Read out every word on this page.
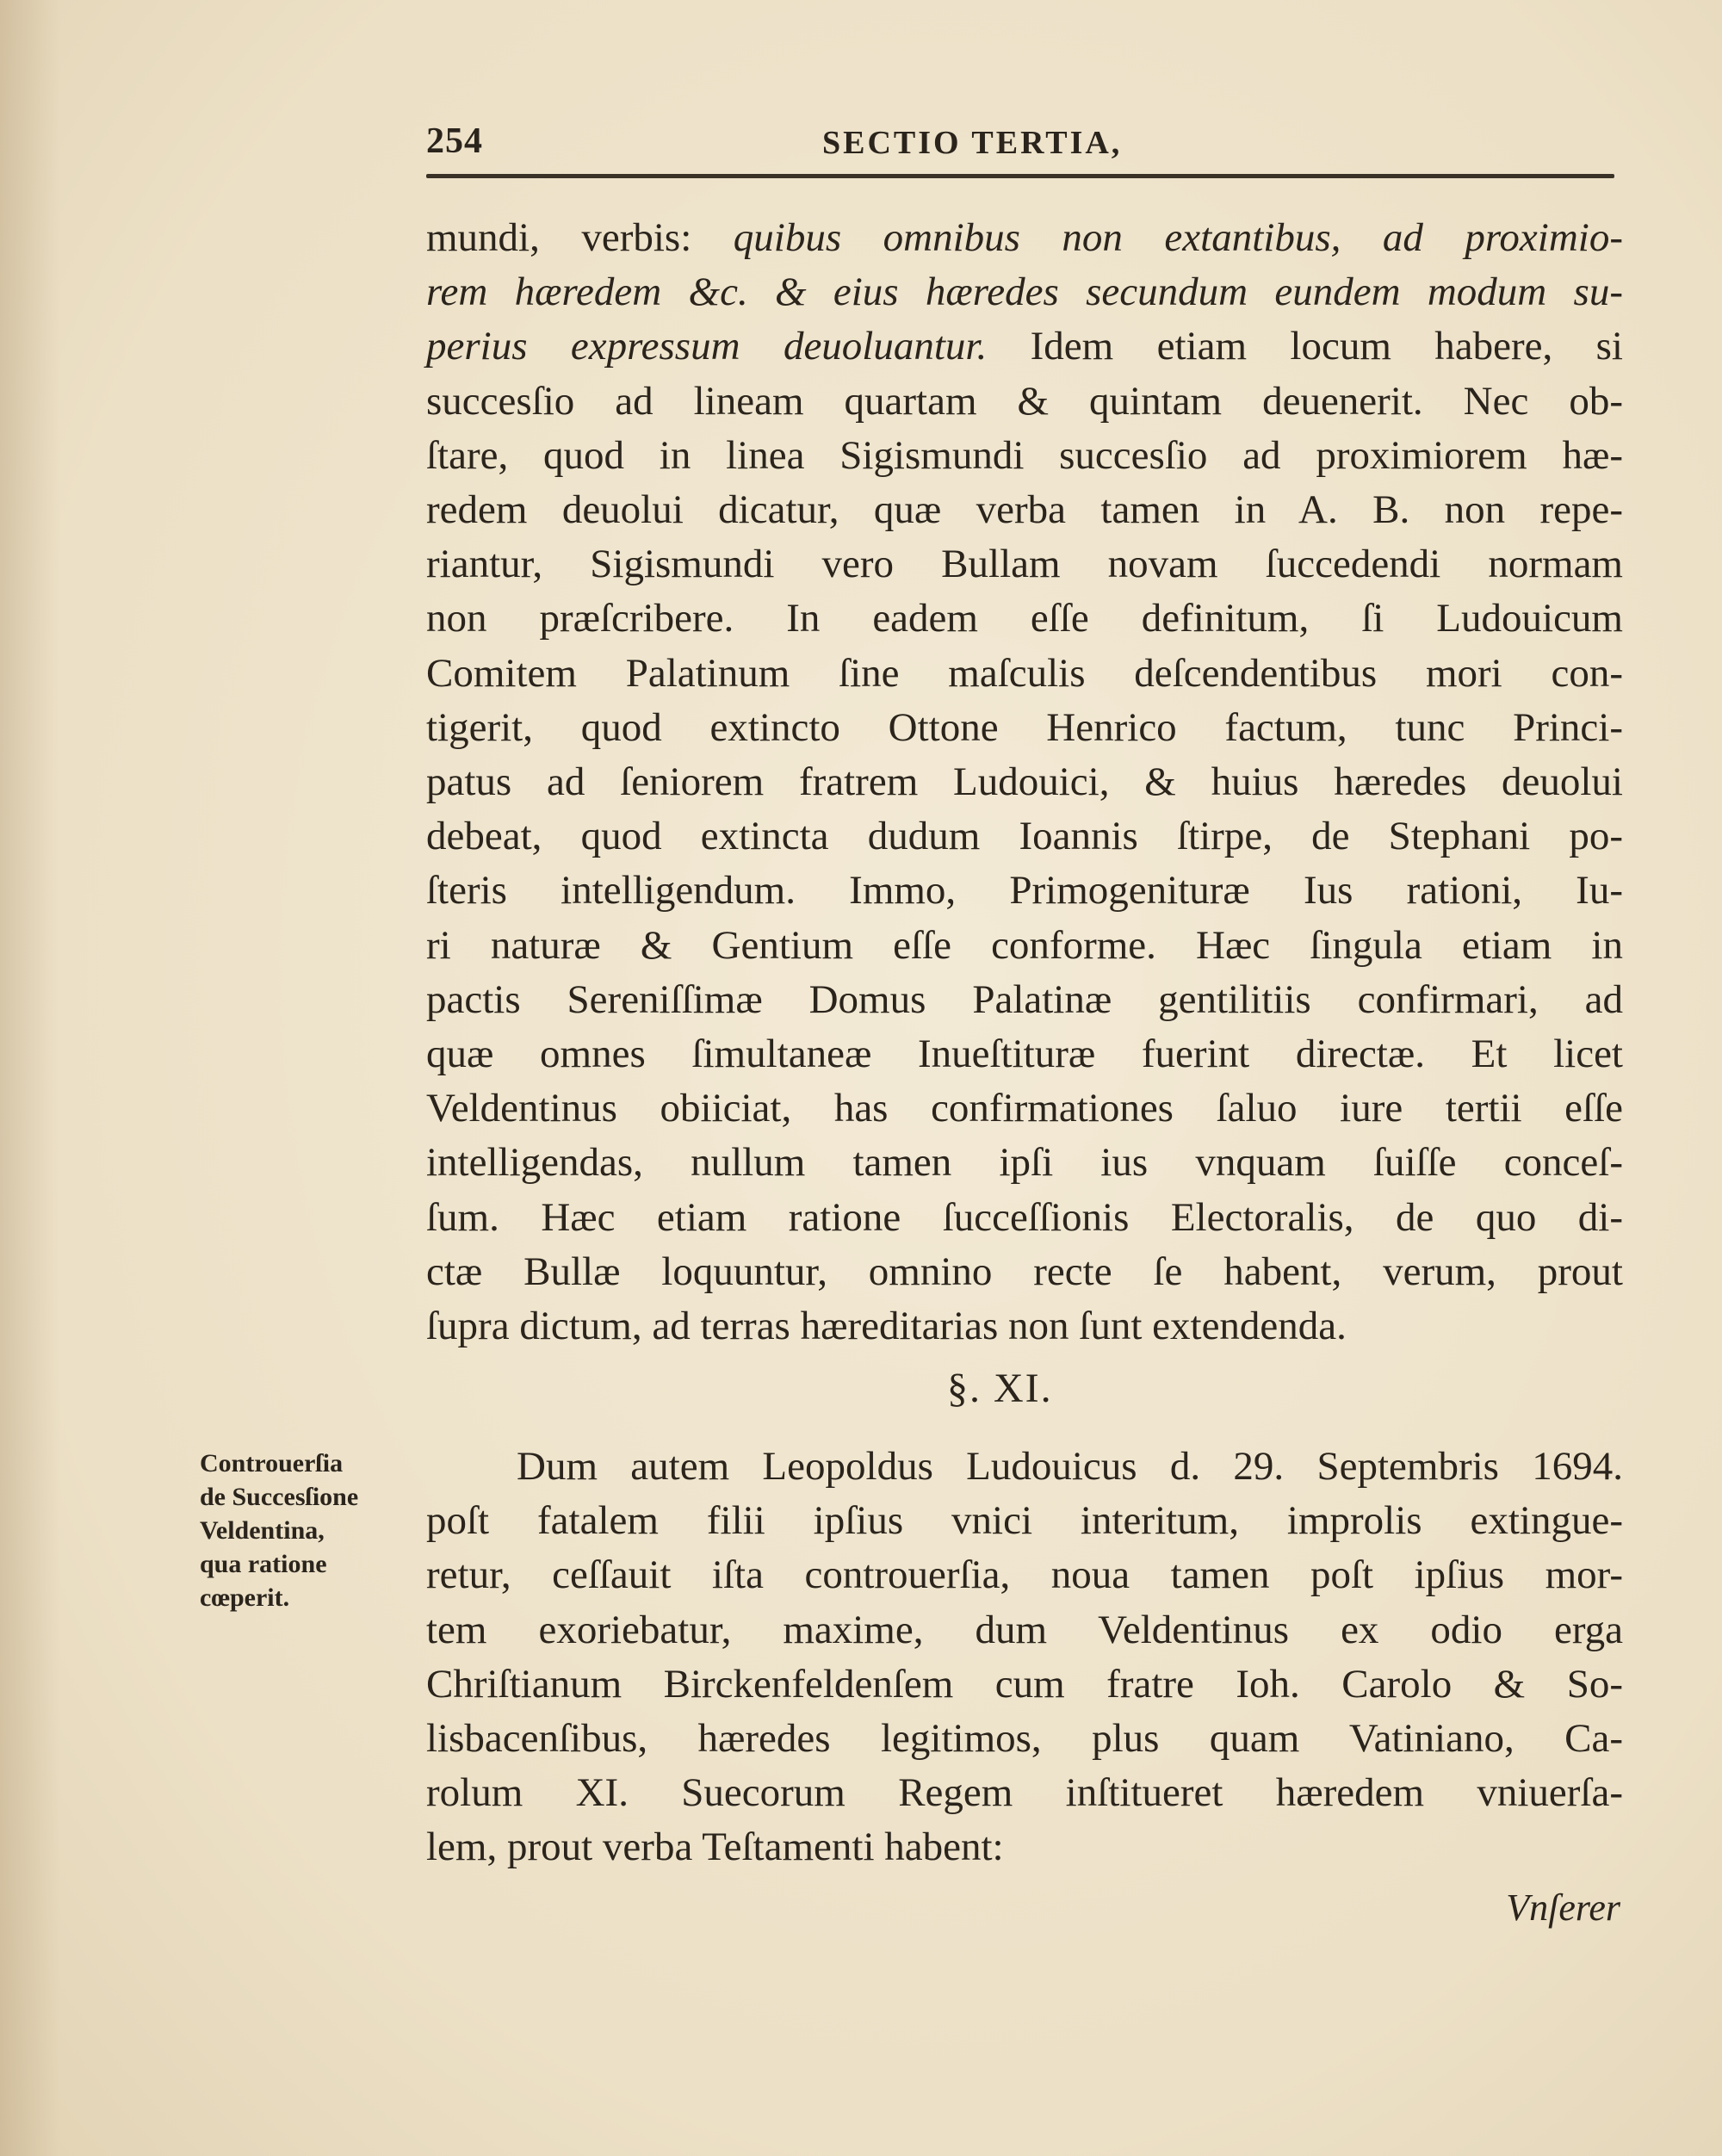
254	SECTIO TERTIA,
mundi, verbis: quibus omnibus non extantibus, ad proximio-
rem hæredem &c. & eius hæredes secundum eundem modum su-
perius expressum deuoluantur. Idem etiam locum habere, si
succesſio ad lineam quartam & quintam deuenerit. Nec ob-
ſtare, quod in linea Sigismundi succesſio ad proximiorem hæ-
redem deuolui dicatur, quæ verba tamen in A. B. non repe-
riantur, Sigismundi vero Bullam novam ſuccedendi normam
non præſcribere. In eadem eſſe definitum, ſi Ludouicum
Comitem Palatinum ſine maſculis deſcendentibus mori con-
tigerit, quod extincto Ottone Henrico factum, tunc Princi-
patus ad ſeniorem fratrem Ludouici, & huius hæredes deuolui
debeat, quod extincta dudum Ioannis ſtirpe, de Stephani po-
ſteris intelligendum. Immo, Primogenituræ Ius rationi, Iu-
ri naturæ & Gentium eſſe conforme. Hæc ſingula etiam in
pactis Sereniſſimæ Domus Palatinæ gentilitiis confirmari, ad
quæ omnes ſimultaneæ Inueſtituræ fuerint directæ. Et licet
Veldentinus obiiciat, has confirmationes ſaluo iure tertii eſſe
intelligendas, nullum tamen ipſi ius vnquam ſuiſſe conceſ-
ſum. Hæc etiam ratione ſucceſſionis Electoralis, de quo di-
ctæ Bullæ loquuntur, omnino recte ſe habent, verum, prout
ſupra dictum, ad terras hæreditarias non ſunt extendenda.
§. XI.
Controuerſia
de Succesſione
Veldentina,
qua ratione
cœperit.
Dum autem Leopoldus Ludouicus d. 29. Septembris 1694.
poſt fatalem filii ipſius vnici interitum, improlis extingue-
retur, ceſſauit iſta controuerſia, noua tamen poſt ipſius mor-
tem exoriebatur, maxime, dum Veldentinus ex odio erga
Chriſtianum Birckenfeldenſem cum fratre Ioh. Carolo & So-
lisbacenſibus, hæredes legitimos, plus quam Vatiniano, Ca-
rolum XI. Suecorum Regem inſtitueret hæredem vniuerſa-
lem, prout verba Teſtamenti habent:
Vnſerer
